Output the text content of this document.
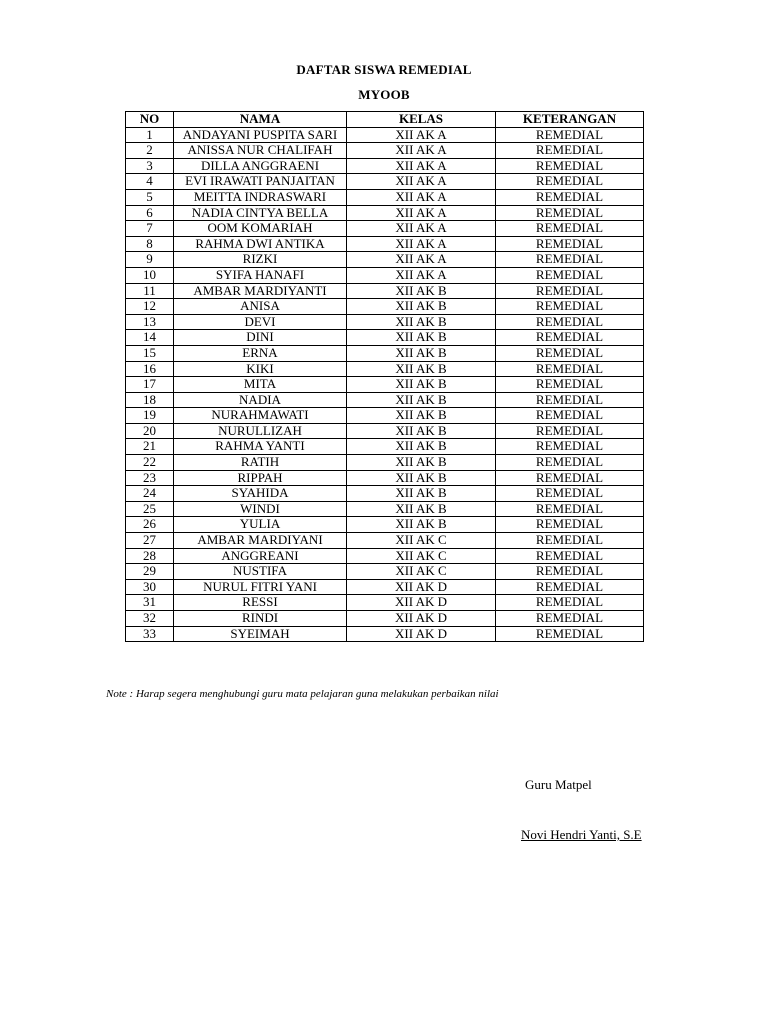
DAFTAR SISWA REMEDIAL
MYOOB
NO	NAMA	KELAS	KETERANGAN
1	ANDAYANI PUSPITA SARI	XII AK A	REMEDIAL
2	ANISSA NUR CHALIFAH	XII AK A	REMEDIAL
3	DILLA ANGGRAENI	XII AK A	REMEDIAL
4	EVI IRAWATI PANJAITAN	XII AK A	REMEDIAL
5	MEITTA INDRASWARI	XII AK A	REMEDIAL
6	NADIA CINTYA BELLA	XII AK A	REMEDIAL
7	OOM KOMARIAH	XII AK A	REMEDIAL
8	RAHMA DWI ANTIKA	XII AK A	REMEDIAL
9	RIZKI	XII AK A	REMEDIAL
10	SYIFA HANAFI	XII AK A	REMEDIAL
11	AMBAR MARDIYANTI	XII AK B	REMEDIAL
12	ANISA	XII AK B	REMEDIAL
13	DEVI	XII AK B	REMEDIAL
14	DINI	XII AK B	REMEDIAL
15	ERNA	XII AK B	REMEDIAL
16	KIKI	XII AK B	REMEDIAL
17	MITA	XII AK B	REMEDIAL
18	NADIA	XII AK B	REMEDIAL
19	NURAHMAWATI	XII AK B	REMEDIAL
20	NURULLIZAH	XII AK B	REMEDIAL
21	RAHMA YANTI	XII AK B	REMEDIAL
22	RATIH	XII AK B	REMEDIAL
23	RIPPAH	XII AK B	REMEDIAL
24	SYAHIDA	XII AK B	REMEDIAL
25	WINDI	XII AK B	REMEDIAL
26	YULIA	XII AK B	REMEDIAL
27	AMBAR MARDIYANI	XII AK C	REMEDIAL
28	ANGGREANI	XII AK C	REMEDIAL
29	NUSTIFA	XII AK C	REMEDIAL
30	NURUL FITRI YANI	XII AK D	REMEDIAL
31	RESSI	XII AK D	REMEDIAL
32	RINDI	XII AK D	REMEDIAL
33	SYEIMAH	XII AK D	REMEDIAL
Note : Harap segera menghubungi guru mata pelajaran guna melakukan perbaikan nilai
Guru Matpel
Novi Hendri Yanti, S.E
